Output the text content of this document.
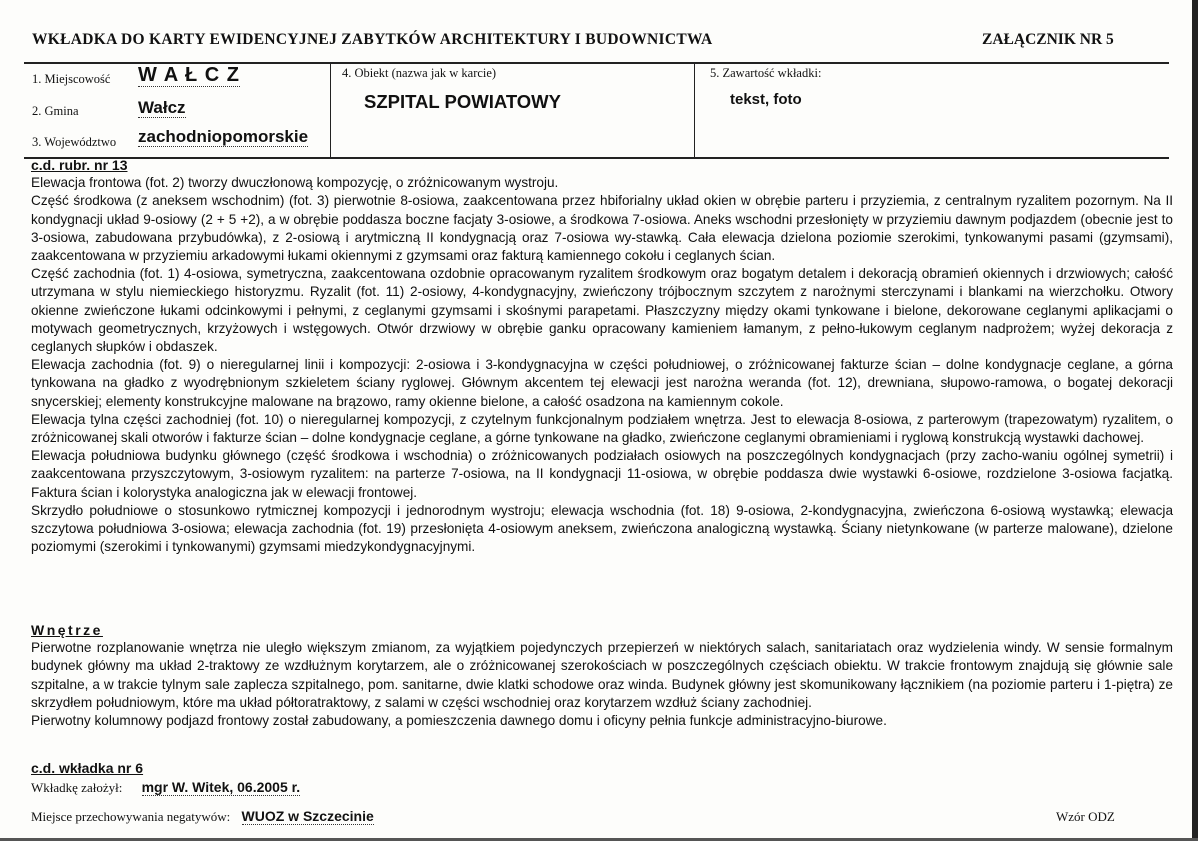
WKŁADKA DO KARTY EWIDENCYJNEJ ZABYTKÓW ARCHITEKTURY I BUDOWNICTWA	ZAŁĄCZNIK NR 5
1. Miejscowość W A Ł C Z
2. Gmina	Wałcz
3. Województwo zachodniopomorskie
4. Obiekt (nazwa jak w karcie)
SZPITAL POWIATOWY
5. Zawartość wkładki:
tekst, foto
c.d. rubr. nr 13

Elewacja frontowa (fot. 2) tworzy dwuczłonową kompozycję, o zróżnicowanym wystroju.

Część środkowa (z aneksem wschodnim) (fot. 3) pierwotnie 8-osiowa, zaakcentowana przez hbiforialny układ okien w obrębie parteru i przyziemia, z centralnym ryzalitem pozornym. Na II kondygnacji układ 9-osiowy (2 + 5 +2), a w obrębie poddasza boczne facjaty 3-osiowe, a środkowa 7-osiowa. Aneks wschodni przesłonięty w przyziemiu dawnym podjazdem (obecnie jest to 3-osiowa, zabudowana przybudówka), z 2-osiową i arytmiczną II kondygnacją oraz 7-osiowa wy-stawką. Cała elewacja dzielona poziomie szerokimi, tynkowanymi pasami (gzymsami), zaakcentowana w przyziemiu arkadowymi łukami okiennymi z gzymsami oraz fakturą kamiennego cokołu i ceglanych ścian.

Część zachodnia (fot. 1) 4-osiowa, symetryczna, zaakcentowana ozdobnie opracowanym ryzalitem środkowym oraz bogatym detalem i dekoracją obramień okiennych i drzwiowych; całość utrzymana w stylu niemieckiego historyzmu. Ryzalit (fot. 11) 2-osiowy, 4-kondygnacyjny, zwieńczony trójbocznym szczytem z narożnymi sterczynami i blankami na wierzchołku. Otwory okienne zwieńczone łukami odcinkowymi i pełnymi, z ceglanymi gzymsami i skośnymi parapetami. Płaszczyzny między okami tynkowane i bielone, dekorowane ceglanymi aplikacjami o motywach geometrycznych, krzyżowych i wstęgowych. Otwór drzwiowy w obrębie ganku opracowany kamieniem łamanym, z pełno-łukowym ceglanym nadprożem; wyżej dekoracja z ceglanych słupków i obdaszek.

Elewacja zachodnia (fot. 9) o nieregularnej linii i kompozycji: 2-osiowa i 3-kondygnacyjna w części południowej, o zróżnicowanej fakturze ścian – dolne kondygnacje ceglane, a górna tynkowana na gładko z wyodrębnionym szkieletem ściany ryglowej. Głównym akcentem tej elewacji jest narożna weranda (fot. 12), drewniana, słupowo-ramowa, o bogatej dekoracji snycerskiej; elementy konstrukcyjne malowane na brązowo, ramy okienne bielone, a całość osadzona na kamiennym cokole.

Elewacja tylna części zachodniej (fot. 10) o nieregularnej kompozycji, z czytelnym funkcjonalnym podziałem wnętrza. Jest to elewacja 8-osiowa, z parterowym (trapezowatym) ryzalitem, o zróżnicowanej skali otworów i fakturze ścian – dolne kondygnacje ceglane, a górne tynkowane na gładko, zwieńczone ceglanymi obramieniami i ryglową konstrukcją wystawki dachowej.

Elewacja południowa budynku głównego (część środkowa i wschodnia) o zróżnicowanych podziałach osiowych na poszczególnych kondygnacjach (przy zacho-waniu ogólnej symetrii) i zaakcentowana przyszczytowym, 3-osiowym ryzalitem: na parterze 7-osiowa, na II kondygnacji 11-osiowa, w obrębie poddasza dwie wystawki 6-osiowe, rozdzielone 3-osiowa facjatką. Faktura ścian i kolorystyka analogiczna jak w elewacji frontowej.

Skrzydło południowe o stosunkowo rytmicznej kompozycji i jednorodnym wystroju; elewacja wschodnia (fot. 18) 9-osiowa, 2-kondygnacyjna, zwieńczona 6-osiową wystawką; elewacja szczytowa południowa 3-osiowa; elewacja zachodnia (fot. 19) przesłonięta 4-osiowym aneksem, zwieńczona analogiczną wystawką. Ściany nietynkowane (w parterze malowane), dzielone poziomymi (szerokimi i tynkowanymi) gzymsami miedzykondygnacyjnymi.

Wnętrze

Pierwotne rozplanowanie wnętrza nie uległo większym zmianom, za wyjątkiem pojedynczych przepierzeń w niektórych salach, sanitariatach oraz wydzielenia windy. W sensie formalnym budynek główny ma układ 2-traktowy ze wzdłużnym korytarzem, ale o zróżnicowanej szerokościach w poszczególnych częściach obiektu. W trakcie frontowym znajdują się głównie sale szpitalne, a w trakcie tylnym sale zaplecza szpitalnego, pom. sanitarne, dwie klatki schodowe oraz winda. Budynek główny jest skomunikowany łącznikiem (na poziomie parteru i 1-piętra) ze skrzydłem południowym, które ma układ półtoratraktowy, z salami w części wschodniej oraz korytarzem wzdłuż ściany zachodniej.

Pierwotny kolumnowy podjazd frontowy został zabudowany, a pomieszczenia dawnego domu i oficyny pełnia funkcje administracyjno-biurowe.

c.d. wkładka nr 6
Wkładkę założył: mgr W. Witek, 06.2005 r.
Miejsce przechowywania negatywów: WUOZ w Szczecinie	Wzór ODZ
